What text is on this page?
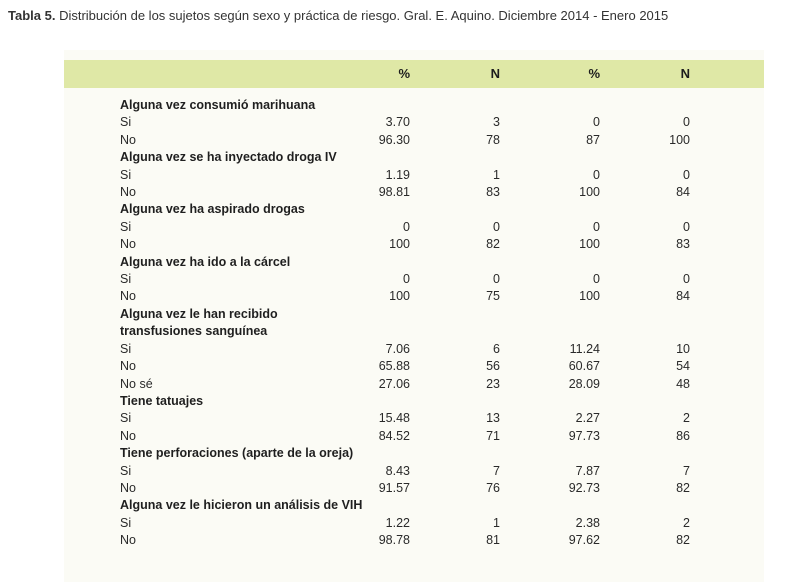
Tabla 5. Distribución de los sujetos según sexo y práctica de riesgo. Gral. E. Aquino. Diciembre 2014 - Enero 2015
%	N	%	N
Alguna vez consumió marihuana
Si	3.70	3	0	0
No	96.30	78	87	100
Alguna vez se ha inyectado droga IV
Si	1.19	1	0	0
No	98.81	83	100	84
Alguna vez ha aspirado drogas
Si	0	0	0	0
No	100	82	100	83
Alguna vez ha ido a la cárcel
Si	0	0	0	0
No	100	75	100	84
Alguna vez le han recibido
transfusiones sanguínea
Si	7.06	6	11.24	10
No	65.88	56	60.67	54
No sé	27.06	23	28.09	48
Tiene tatuajes
Si	15.48	13	2.27	2
No	84.52	71	97.73	86
Tiene perforaciones (aparte de la oreja)
Si	8.43	7	7.87	7
No	91.57	76	92.73	82
Alguna vez le hicieron un análisis de VIH
Si	1.22	1	2.38	2
No	98.78	81	97.62	82
